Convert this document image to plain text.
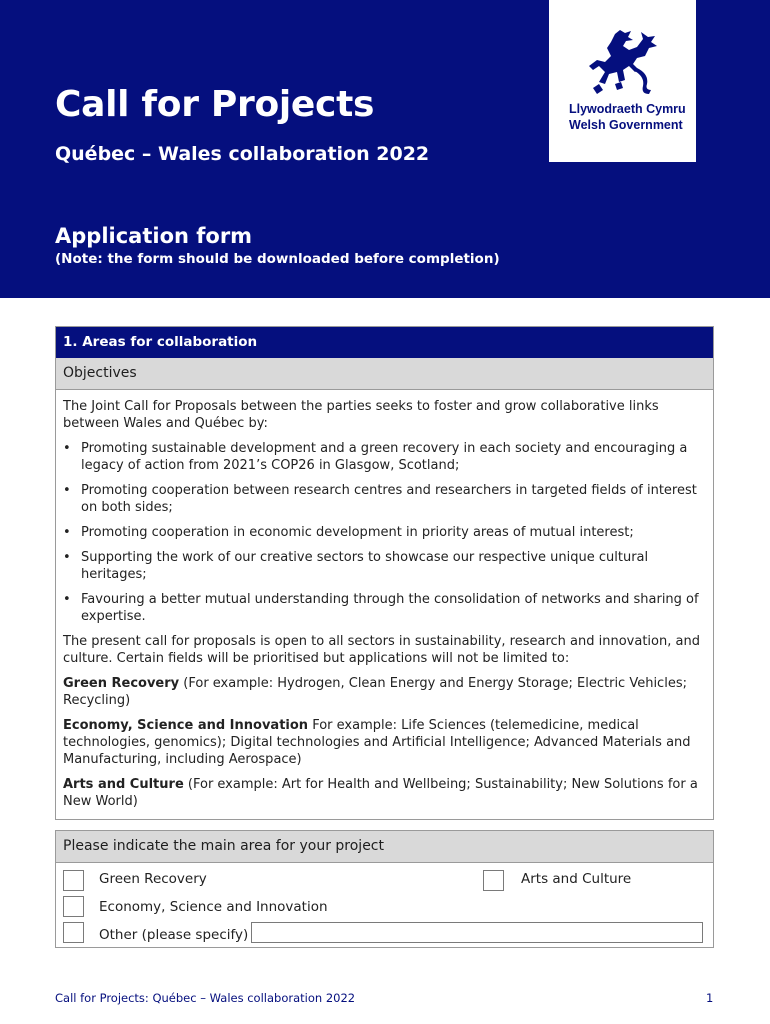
Call for Projects

Québec – Wales collaboration 2022

Application form

(Note: the form should be downloaded before completion)

Llywodraeth Cymru
Welsh Government
1. Areas for collaboration
Objectives

The Joint Call for Proposals between the parties seeks to foster and grow collaborative links between Wales and Québec by:

• Promoting sustainable development and a green recovery in each society and encouraging a legacy of action from 2021’s COP26 in Glasgow, Scotland;
• Promoting cooperation between research centres and researchers in targeted fields of interest on both sides;
• Promoting cooperation in economic development in priority areas of mutual interest;
• Supporting the work of our creative sectors to showcase our respective unique cultural heritages;
• Favouring a better mutual understanding through the consolidation of networks and sharing of expertise.

The present call for proposals is open to all sectors in sustainability, research and innovation, and culture. Certain fields will be prioritised but applications will not be limited to:

Green Recovery (For example: Hydrogen, Clean Energy and Energy Storage; Electric Vehicles; Recycling)

Economy, Science and Innovation For example: Life Sciences (telemedicine, medical technologies, genomics); Digital technologies and Artificial Intelligence; Advanced Materials and Manufacturing, including Aerospace)

Arts and Culture (For example: Art for Health and Wellbeing; Sustainability; New Solutions for a New World)

Please indicate the main area for your project
Green Recovery	Arts and Culture
Economy, Science and Innovation
Other (please specify)

Call for Projects: Québec – Wales collaboration 2022	1
